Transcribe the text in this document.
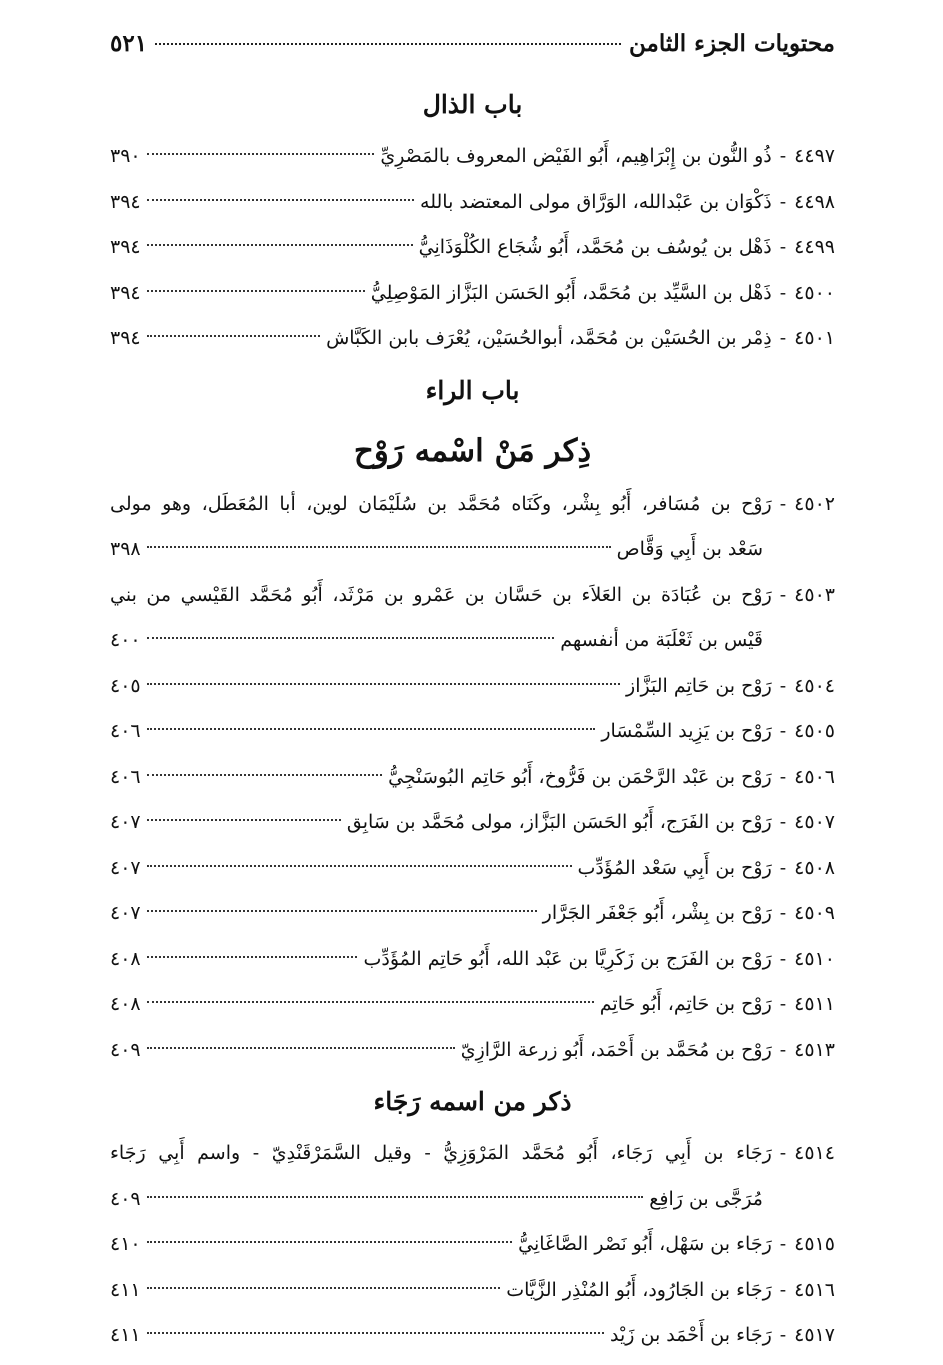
محتويات الجزء الثامن
٥٢١
باب الذال
٤٤٩٧
-
ذُو النُّون بن إِبْرَاهِيم، أَبُو الفَيْض المعروف بالمَصْرِيِّ
٣٩٠
٤٤٩٨
-
ذَكْوَان بن عَبْدالله، الوَرَّاق مولى المعتضد بالله
٣٩٤
٤٤٩٩
-
ذَهْل بن يُوسُف بن مُحَمَّد، أَبُو شُجَاع الكُلْوَذَانِيُّ
٣٩٤
٤٥٠٠
-
ذَهْل بن السَّيِّد بن مُحَمَّد، أَبُو الحَسَن البَزَّاز المَوْصِلِيُّ
٣٩٤
٤٥٠١
-
ذِمْر بن الحُسَيْن بن مُحَمَّد، أبوالحُسَيْن، يُعْرَف بابن الكَبَّاش
٣٩٤
باب الراء
ذِكر مَنْ اسْمه رَوْح
٤٥٠٢-رَوْح بن مُسَافر، أَبُو بِشْر، وكَنَاه مُحَمَّد بن سُلَيْمَان لوين، أبا المُعَطَل، وهو مولى
سَعْد بن أَبِي وَقَّاص
٣٩٨
٤٥٠٣-رَوْح بن عُبَادَة بن العَلاَء بن حَسَّان بن عَمْرو بن مَرْثَد، أَبُو مُحَمَّد القَيْسي من بني
قَيْس بن ثَعْلَبَة من أنفسهم
٤٠٠
٤٥٠٤
-
رَوْح بن حَاتِم البَزَّاز
٤٠٥
٤٥٠٥
-
رَوْح بن يَزِيد السِّمْسَار
٤٠٦
٤٥٠٦
-
رَوْح بن عَبْد الرَّحْمَن بن فَرُّوخ، أَبُو حَاتِم البُوسَنْجِيُّ
٤٠٦
٤٥٠٧
-
رَوْح بن الفَرَج، أَبُو الحَسَن البَزَّاز، مولى مُحَمَّد بن سَابِق
٤٠٧
٤٥٠٨
-
رَوْح بن أَبِي سَعْد المُؤَدِّب
٤٠٧
٤٥٠٩
-
رَوْح بن بِشْر، أَبُو جَعْفَر الجَرَّار
٤٠٧
٤٥١٠
-
رَوْح بن الفَرَج بن زَكَرِيَّا بن عَبْد الله، أَبُو حَاتِم المُؤَدِّب
٤٠٨
٤٥١١
-
رَوْح بن حَاتِم، أَبُو حَاتِم
٤٠٨
٤٥١٣
-
رَوْح بن مُحَمَّد بن أَحْمَد، أَبُو زرعة الرَّازِيّ
٤٠٩
ذكر من اسمه رَجَاء
٤٥١٤-رَجَاء بن أَبِي رَجَاء، أَبُو مُحَمَّد المَرْوَزِيُّ - وقيل السَّمَرْقَنْدِيّ - واسم أَبِي رَجَاء
مُرَجَّى بن رَافِع
٤٠٩
٤٥١٥
-
رَجَاء بن سَهْل، أَبُو نَصْر الصَّاغَانِيُّ
٤١٠
٤٥١٦
-
رَجَاء بن الجَارُود، أَبُو المُنْذِر الزَّيَّات
٤١١
٤٥١٧
-
رَجَاء بن أَحْمَد بن زَيْد
٤١١
